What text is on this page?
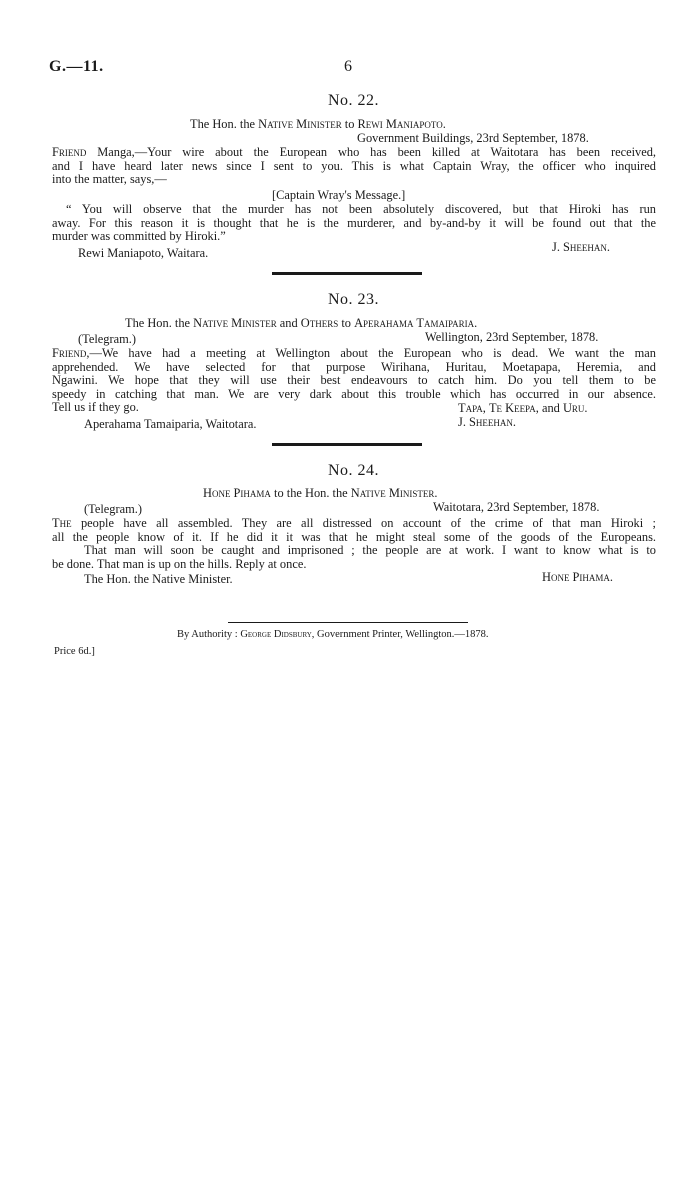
G.—11.	6
No. 22.
The Hon. the Native Minister to Rewi Maniapoto.
Government Buildings, 23rd September, 1878.
Friend Manga,—Your wire about the European who has been killed at Waitotara has been received,
and I have heard later news since I sent to you. This is what Captain Wray, the officer who inquired
into the matter, says,—
[Captain Wray's Message.]
“ You will observe that the murder has not been absolutely discovered, but that Hiroki has run
away. For this reason it is thought that he is the murderer, and by-and-by it will be found out that the
murder was committed by Hiroki.”
Rewi Maniapoto, Waitara.	J. Sheehan.
No. 23.
The Hon. the Native Minister and Others to Aperahama Tamaiparia.
(Telegram.)	Wellington, 23rd September, 1878.
Friend,—We have had a meeting at Wellington about the European who is dead. We want the man
apprehended. We have selected for that purpose Wirihana, Huritau, Moetapapa, Heremia, and
Ngawini. We hope that they will use their best endeavours to catch him. Do you tell them to be
speedy in catching that man. We are very dark about this trouble which has occurred in our absence.
Tell us if they go.	Tapa, Te Keepa, and Uru.
Aperahama Tamaiparia, Waitotara.	J. Sheehan.
No. 24.
Hone Pihama to the Hon. the Native Minister.
(Telegram.)	Waitotara, 23rd September, 1878.
The people have all assembled. They are all distressed on account of the crime of that man Hiroki ;
all the people know of it. If he did it it was that he might steal some of the goods of the Europeans.
That man will soon be caught and imprisoned ; the people are at work. I want to know what is to
be done. That man is up on the hills. Reply at once.
The Hon. the Native Minister.	Hone Pihama.
By Authority : George Didsbury, Government Printer, Wellington.—1878.
Price 6d.]
